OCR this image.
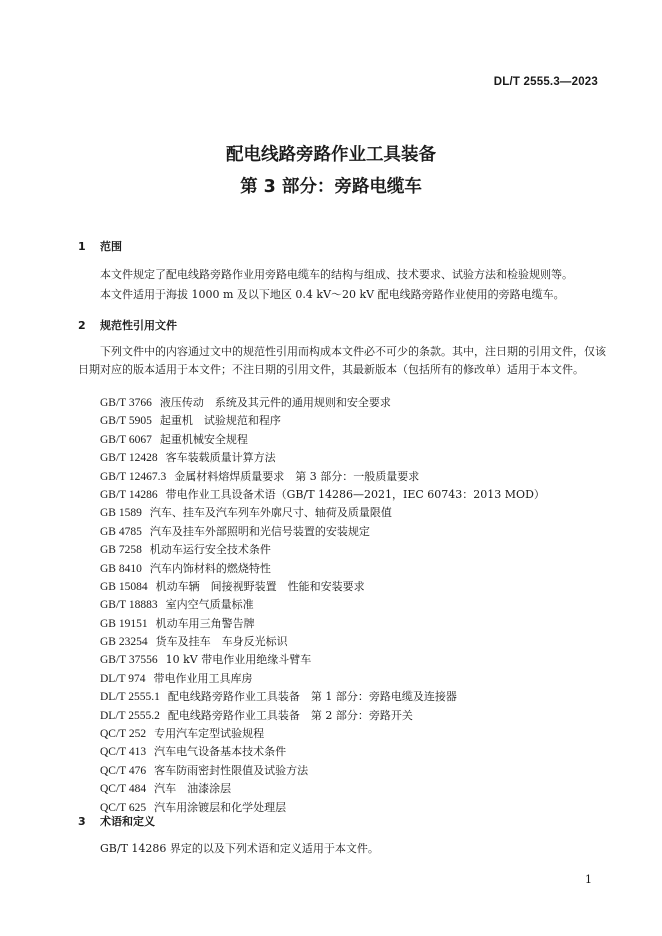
DL/T 2555.3—2023
配电线路旁路作业工具装备
第 3 部分：旁路电缆车
1 范围
本文件规定了配电线路旁路作业用旁路电缆车的结构与组成、技术要求、试验方法和检验规则等。
本文件适用于海拔 1000 m 及以下地区 0.4 kV～20 kV 配电线路旁路作业使用的旁路电缆车。
2 规范性引用文件
下列文件中的内容通过文中的规范性引用而构成本文件必不可少的条款。其中，注日期的引用文件，仅该日期对应的版本适用于本文件；不注日期的引用文件，其最新版本（包括所有的修改单）适用于本文件。
GB/T 3766 液压传动　系统及其元件的通用规则和安全要求
GB/T 5905 起重机　试验规范和程序
GB/T 6067 起重机械安全规程
GB/T 12428 客车装载质量计算方法
GB/T 12467.3 金属材料熔焊质量要求　第 3 部分：一般质量要求
GB/T 14286 带电作业工具设备术语（GB/T 14286—2021，IEC 60743：2013 MOD）
GB 1589 汽车、挂车及汽车列车外廓尺寸、轴荷及质量限值
GB 4785 汽车及挂车外部照明和光信号装置的安装规定
GB 7258 机动车运行安全技术条件
GB 8410 汽车内饰材料的燃烧特性
GB 15084 机动车辆　间接视野装置　性能和安装要求
GB/T 18883 室内空气质量标准
GB 19151 机动车用三角警告牌
GB 23254 货车及挂车　车身反光标识
GB/T 37556 10 kV 带电作业用绝缘斗臂车
DL/T 974 带电作业用工具库房
DL/T 2555.1 配电线路旁路作业工具装备　第 1 部分：旁路电缆及连接器
DL/T 2555.2 配电线路旁路作业工具装备　第 2 部分：旁路开关
QC/T 252 专用汽车定型试验规程
QC/T 413 汽车电气设备基本技术条件
QC/T 476 客车防雨密封性限值及试验方法
QC/T 484 汽车　油漆涂层
QC/T 625 汽车用涂镀层和化学处理层
3 术语和定义
GB/T 14286 界定的以及下列术语和定义适用于本文件。
1
